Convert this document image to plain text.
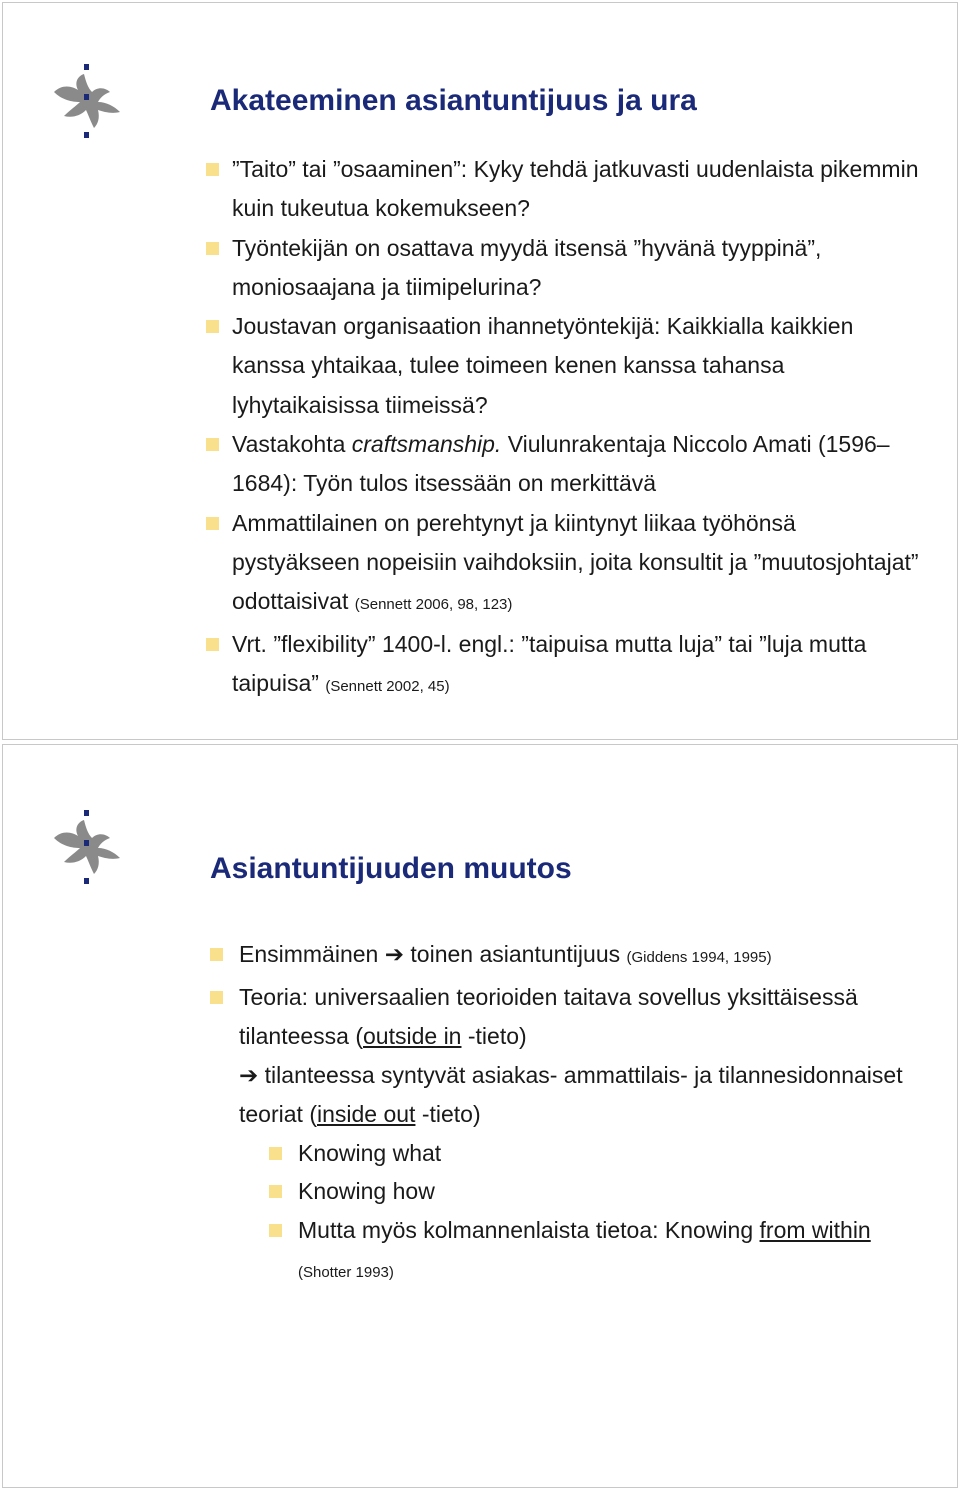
Akateeminen asiantuntijuus ja ura
”Taito” tai ”osaaminen”: Kyky tehdä jatkuvasti uudenlaista pikemmin kuin tukeutua kokemukseen?
Työntekijän on osattava myydä itsensä ”hyvänä tyyppinä”, moniosaajana ja tiimipelurina?
Joustavan organisaation ihannetyöntekijä: Kaikkialla kaikkien kanssa yhtaikaa, tulee toimeen kenen kanssa tahansa lyhytaikaisissa tiimeissä?
Vastakohta craftsmanship. Viulunrakentaja Niccolo Amati (1596–1684): Työn tulos itsessään on merkittävä
Ammattilainen on perehtynyt ja kiintynyt liikaa työhönsä pystyäkseen nopeisiin vaihdoksiin, joita konsultit ja ”muutosjohtajat” odottaisivat (Sennett 2006, 98, 123)
Vrt. ”flexibility” 1400-l. engl.: ”taipuisa mutta luja” tai ”luja mutta taipuisa” (Sennett 2002, 45)
Asiantuntijuuden muutos
Ensimmäinen ➔ toinen asiantuntijuus (Giddens 1994, 1995)
Teoria: universaalien teorioiden taitava sovellus yksittäisessä tilanteessa (outside in -tieto)
➔ tilanteessa syntyvät asiakas- ammattilais- ja tilannesidonnaiset teoriat (inside out -tieto)
Knowing what
Knowing how
Mutta myös kolmannenlaista tietoa: Knowing from within (Shotter 1993)
